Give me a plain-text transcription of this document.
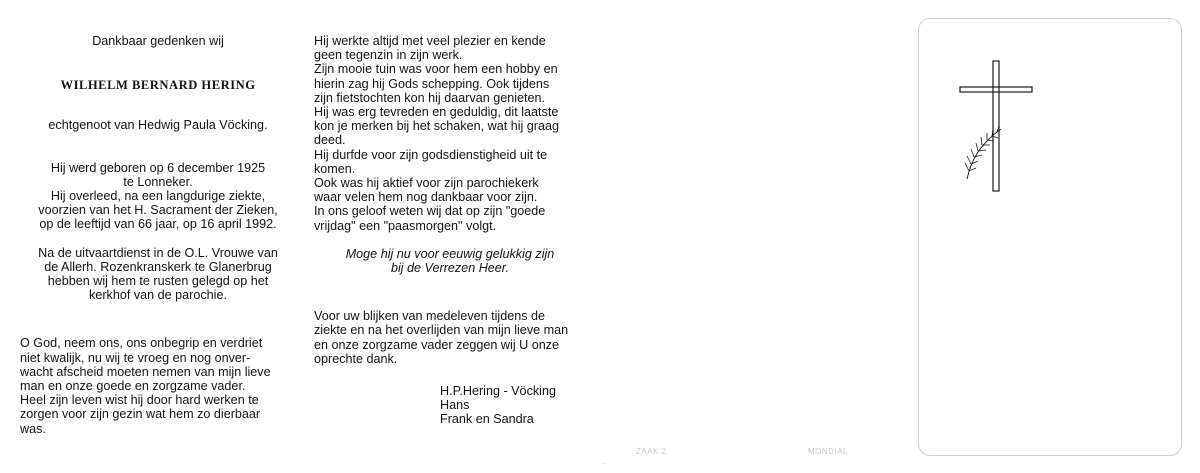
Dankbaar gedenken wij
WILHELM BERNARD HERING
echtgenoot van Hedwig Paula Vöcking.
Hij werd geboren op 6 december 1925
te Lonneker.
Hij overleed, na een langdurige ziekte,
voorzien van het H. Sacrament der Zieken,
op de leeftijd van 66 jaar, op 16 april 1992.
Na de uitvaartdienst in de O.L. Vrouwe van
de Allerh. Rozenkranskerk te Glanerbrug
hebben wij hem te rusten gelegd op het
kerkhof van de parochie.
O God, neem ons, ons onbegrip en verdriet
niet kwalijk, nu wij te vroeg en nog onver-
wacht afscheid moeten nemen van mijn lieve
man en onze goede en zorgzame vader.
Heel zijn leven wist hij door hard werken te
zorgen voor zijn gezin wat hem zo dierbaar
was.
Hij werkte altijd met veel plezier en kende
geen tegenzin in zijn werk.
Zijn mooie tuin was voor hem een hobby en
hierin zag hij Gods schepping. Ook tijdens
zijn fietstochten kon hij daarvan genieten.
Hij was erg tevreden en geduldig, dit laatste
kon je merken bij het schaken, wat hij graag
deed.
Hij durfde voor zijn godsdienstigheid uit te
komen.
Ook was hij aktief voor zijn parochiekerk
waar velen hem nog dankbaar voor zijn.
In ons geloof weten wij dat op zijn "goede
vrijdag" een "paasmorgen" volgt.
Moge hij nu voor eeuwig gelukkig zijn
bij de Verrezen Heer.
Voor uw blijken van medeleven tijdens de
ziekte en na het overlijden van mijn lieve man
en onze zorgzame vader zeggen wij U onze
oprechte dank.
H.P.Hering - Vöcking
Hans
Frank en Sandra
ZAAK 2	MONDIAL
